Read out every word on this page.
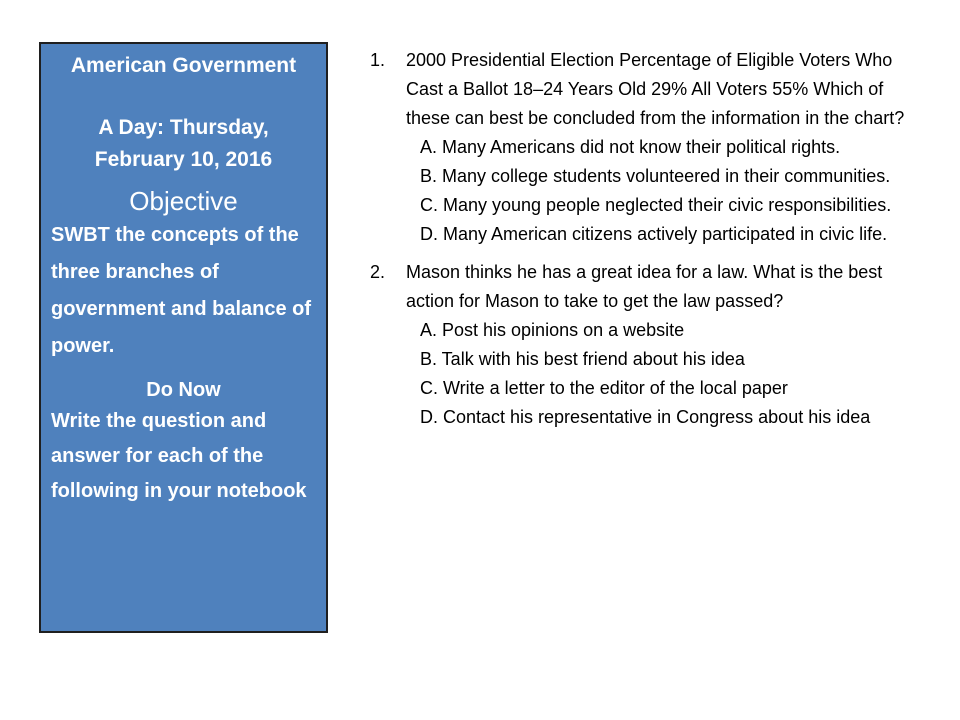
American Government
A Day: Thursday,
February 10, 2016
Objective
SWBT the concepts of the three branches of government and balance of power.
Do Now
Write the question and answer for each of the following in your notebook
1.	2000 Presidential Election Percentage of Eligible Voters Who Cast a Ballot 18–24 Years Old 29% All Voters 55% Which of these can best be concluded from the information in the chart?
A. Many Americans did not know their political rights.
B. Many college students volunteered in their communities.
C. Many young people neglected their civic responsibilities.
D. Many American citizens actively participated in civic life.
2.	Mason thinks he has a great idea for a law. What is the best action for Mason to take to get the law passed?
A. Post his opinions on a website
B. Talk with his best friend about his idea
C. Write a letter to the editor of the local paper
D. Contact his representative in Congress about his idea
